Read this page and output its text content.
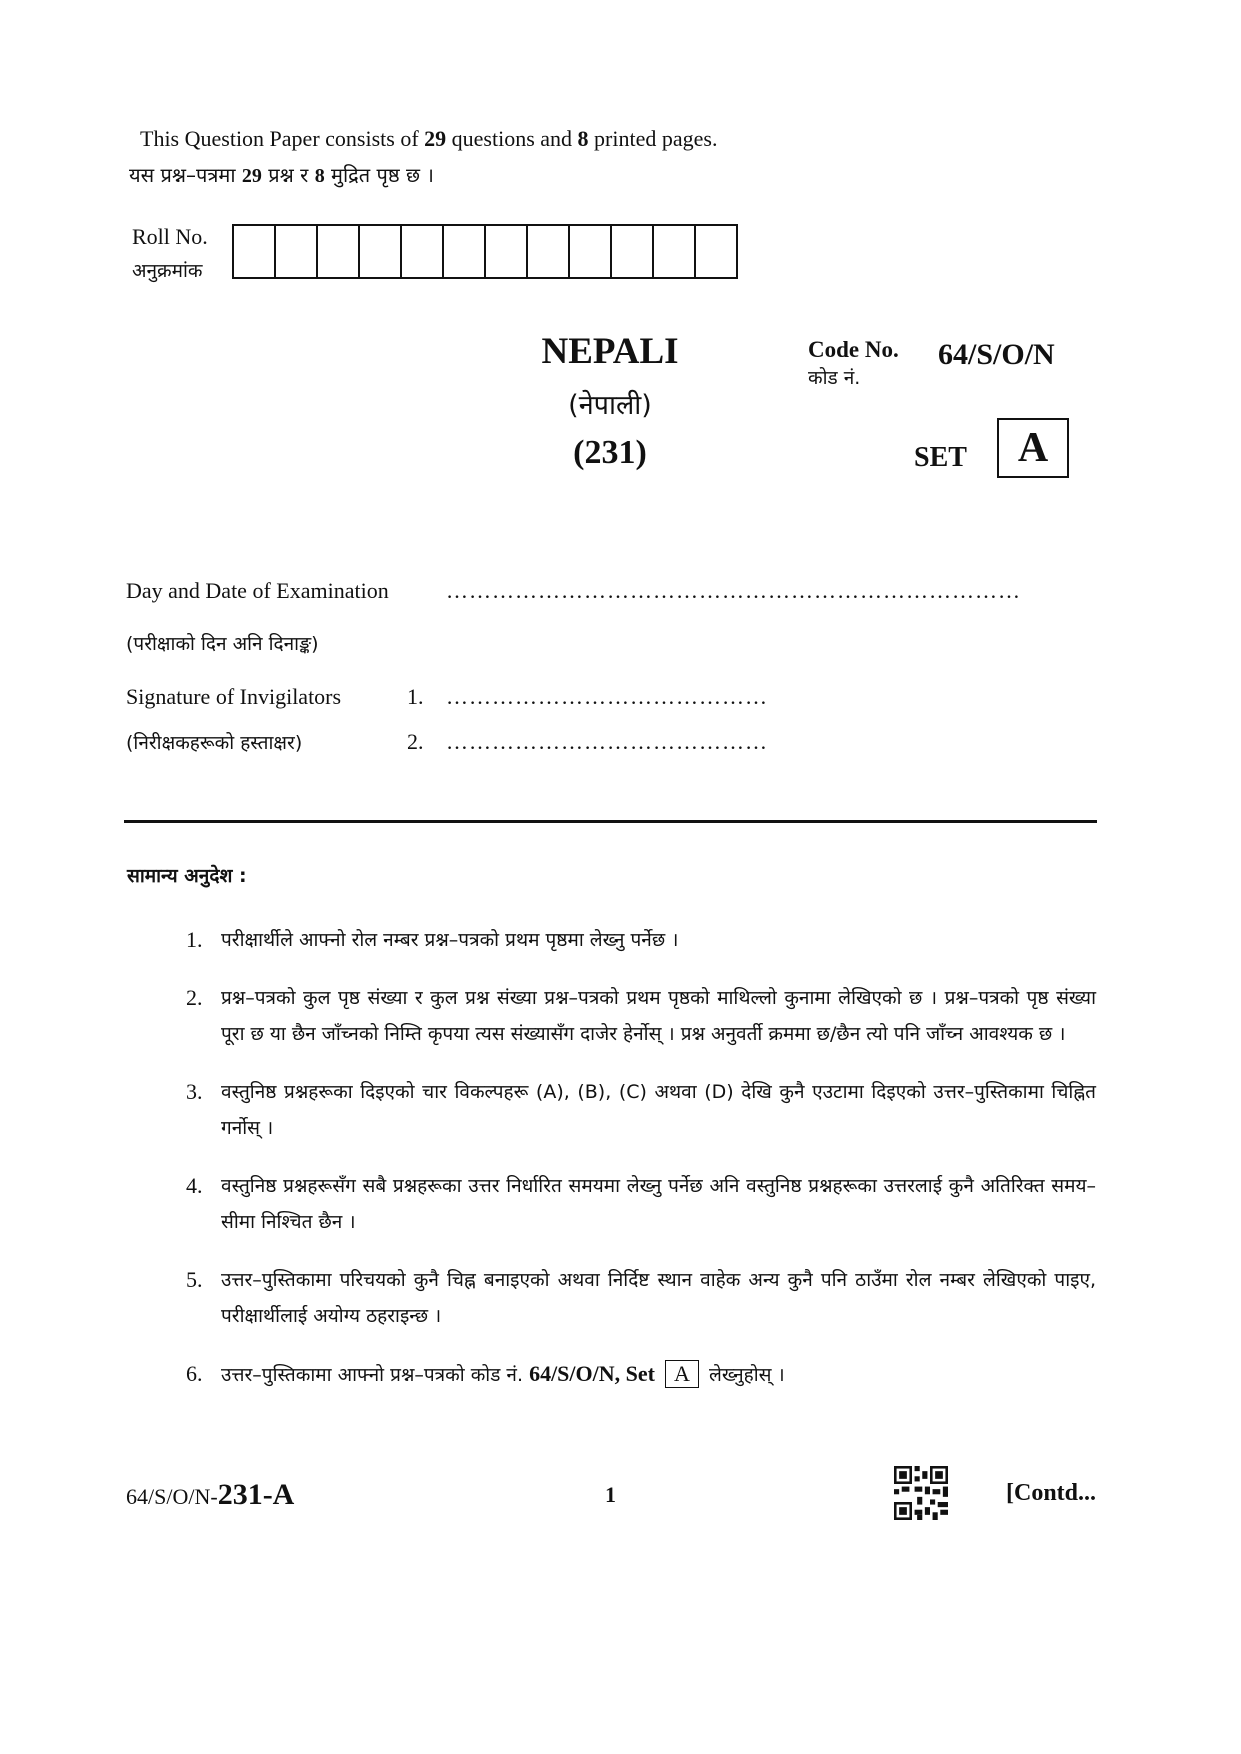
This Question Paper consists of 29 questions and 8 printed pages.
यस प्रश्न–पत्रमा 29 प्रश्न र 8 मुद्रित पृष्ठ छ ।
Roll No.
अनुक्रमांक
NEPALI
(नेपाली)
(231)
Code No.
कोड नं.
64/S/O/N
SET	A
Day and Date of Examination	…………………………………………………………………
(परीक्षाको दिन अनि दिनाङ्क)
Signature of Invigilators	1. ……………………………………
(निरीक्षकहरूको हस्ताक्षर)	2. ……………………………………
सामान्य अनुदेश :
1. परीक्षार्थीले आफ्नो रोल नम्बर प्रश्न–पत्रको प्रथम पृष्ठमा लेख्नु पर्नेछ ।
2. प्रश्न–पत्रको कुल पृष्ठ संख्या र कुल प्रश्न संख्या प्रश्न–पत्रको प्रथम पृष्ठको माथिल्लो कुनामा लेखिएको छ । प्रश्न–पत्रको पृष्ठ संख्या पूरा छ या छैन जाँच्नको निम्ति कृपया त्यस संख्यासँग दाजेर हेर्नोस् । प्रश्न अनुवर्ती क्रममा छ/छैन त्यो पनि जाँच्न आवश्यक छ ।
3. वस्तुनिष्ठ प्रश्नहरूका दिइएको चार विकल्पहरू (A), (B), (C) अथवा (D) देखि कुनै एउटामा दिइएको उत्तर–पुस्तिकामा चिह्नित गर्नोस् ।
4. वस्तुनिष्ठ प्रश्नहरूसँग सबै प्रश्नहरूका उत्तर निर्धारित समयमा लेख्नु पर्नेछ अनि वस्तुनिष्ठ प्रश्नहरूका उत्तरलाई कुनै अतिरिक्त समय–सीमा निश्चित छैन ।
5. उत्तर–पुस्तिकामा परिचयको कुनै चिह्न बनाइएको अथवा निर्दिष्ट स्थान वाहेक अन्य कुनै पनि ठाउँमा रोल नम्बर लेखिएको पाइए, परीक्षार्थीलाई अयोग्य ठहराइन्छ ।
6. उत्तर–पुस्तिकामा आफ्नो प्रश्न–पत्रको कोड नं. 64/S/O/N, Set A लेख्नुहोस् ।
64/S/O/N-231-A	1	[Contd...
